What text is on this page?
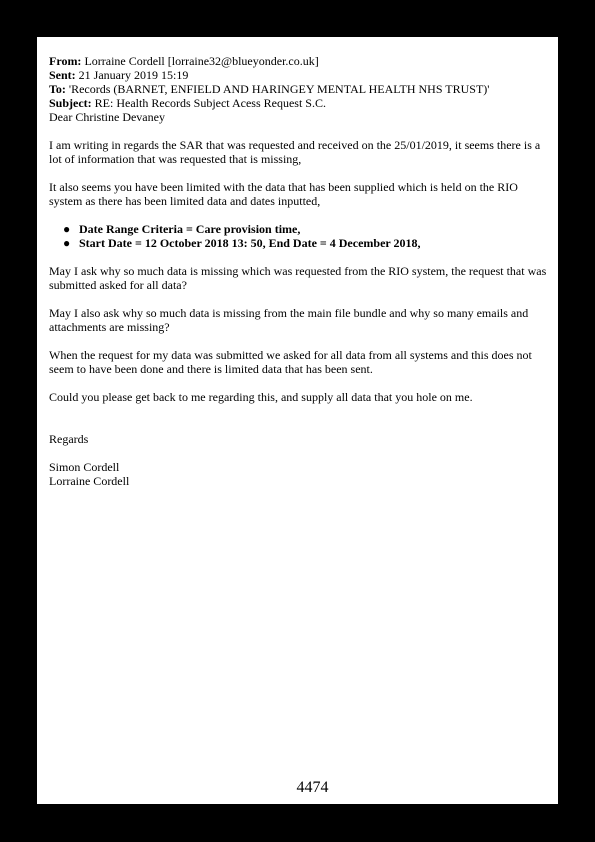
From: Lorraine Cordell [lorraine32@blueyonder.co.uk]

Sent: 21 January 2019 15:19

To: 'Records (BARNET, ENFIELD AND HARINGEY MENTAL HEALTH NHS TRUST)'

Subject: RE: Health Records Subject Acess Request S.C.

Dear Christine Devaney

I am writing in regards the SAR that was requested and received on the 25/01/2019, it seems there is a lot of information that was requested that is missing,

It also seems you have been limited with the data that has been supplied which is held on the RIO system as there has been limited data and dates inputted,

● Date Range Criteria = Care provision time,
● Start Date = 12 October 2018 13: 50, End Date = 4 December 2018,

May I ask why so much data is missing which was requested from the RIO system, the request that was submitted asked for all data?

May I also ask why so much data is missing from the main file bundle and why so many emails and attachments are missing?

When the request for my data was submitted we asked for all data from all systems and this does not seem to have been done and there is limited data that has been sent.

Could you please get back to me regarding this, and supply all data that you hole on me.

Regards

Simon Cordell

Lorraine Cordell

4474
